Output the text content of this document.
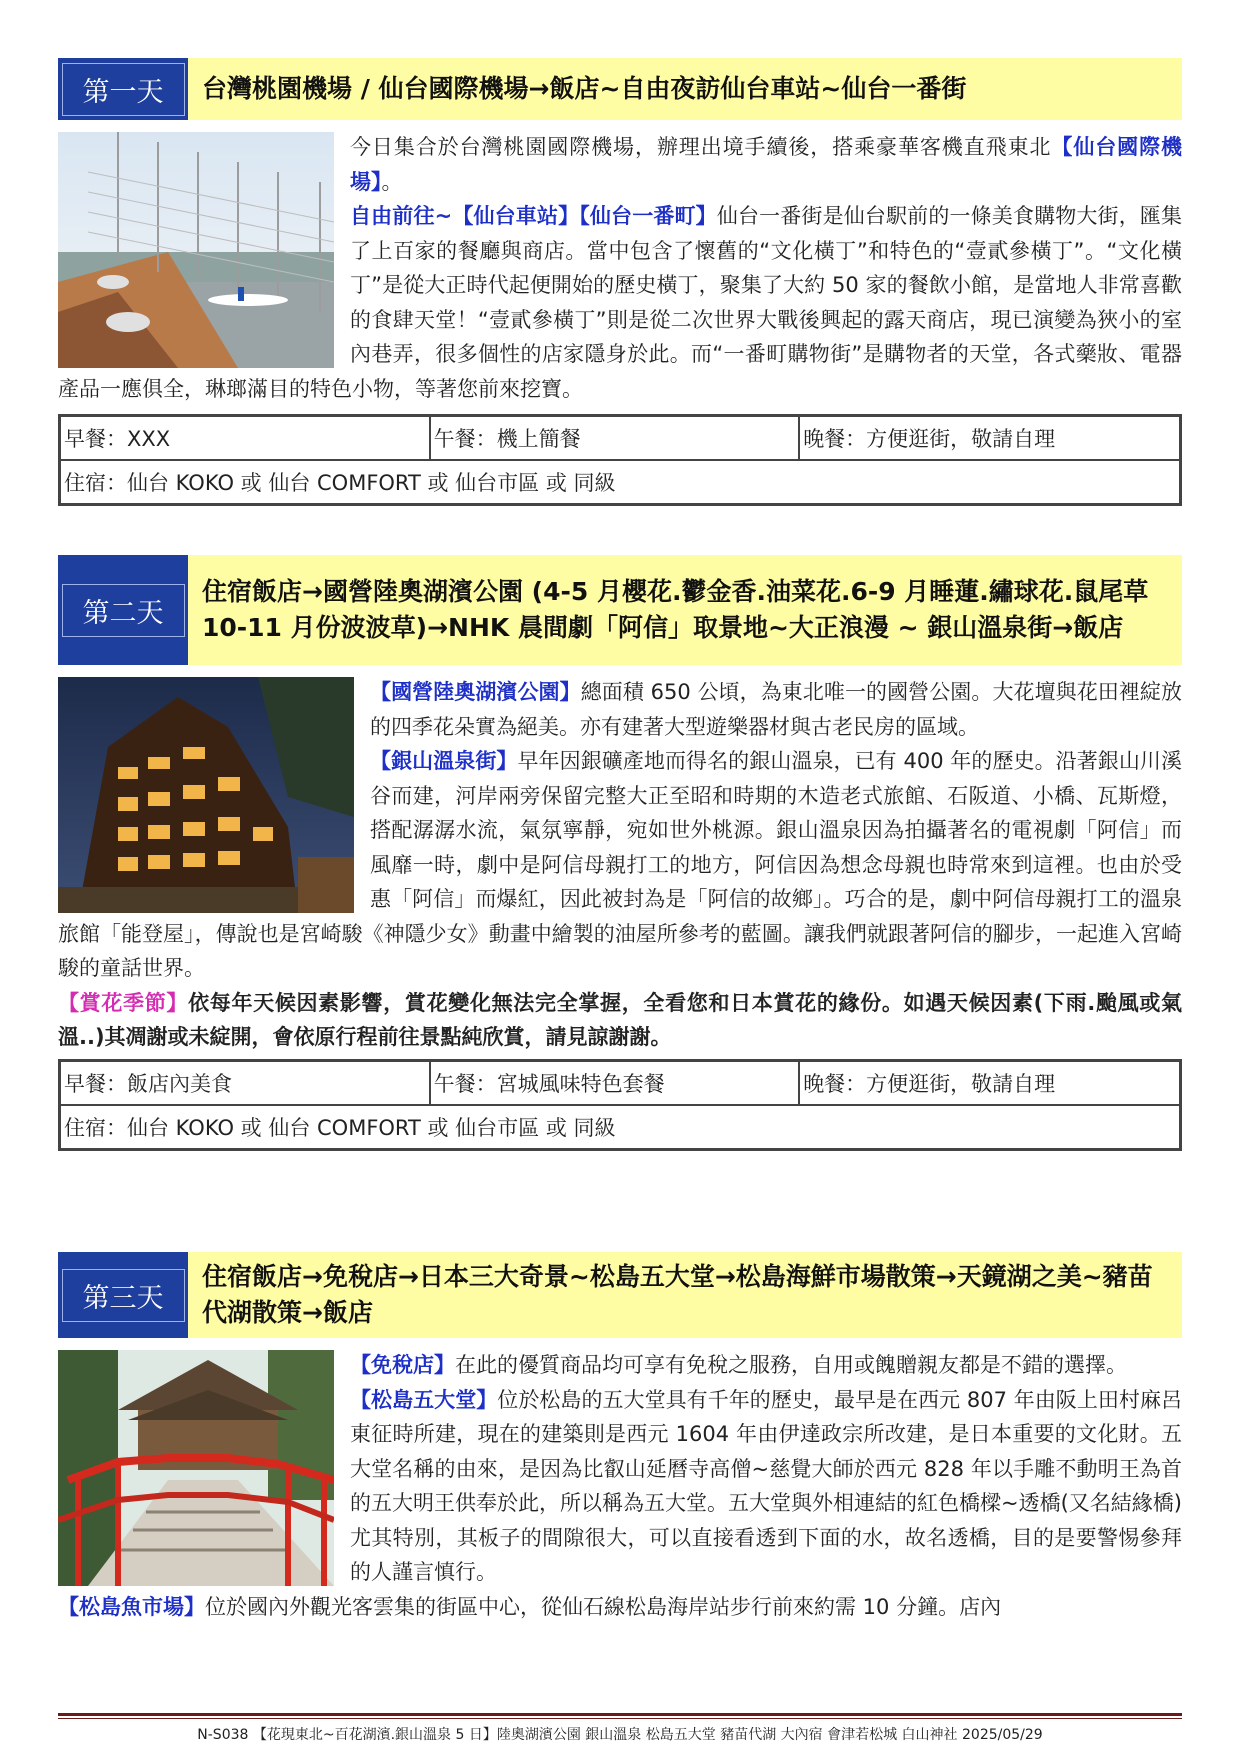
第一天	台灣桃園機場 / 仙台國際機場→飯店~自由夜訪仙台車站~仙台一番街

今日集合於台灣桃園國際機場，辦理出境手續後，搭乘豪華客機直飛東北【仙台國際機場】。

自由前往~【仙台車站】【仙台一番町】仙台一番街是仙台駅前的一條美食購物大街，匯集了上百家的餐廳與商店。當中包含了懷舊的“文化橫丁”和特色的“壹貳參橫丁”。“文化橫丁”是從大正時代起便開始的歷史橫丁，聚集了大約 50 家的餐飲小館，是當地人非常喜歡的食肆天堂！“壹貳參橫丁”則是從二次世界大戰後興起的露天商店，現已演變為狹小的室內巷弄，很多個性的店家隱身於此。而“一番町購物街”是購物者的天堂，各式藥妝、電器產品一應俱全，琳瑯滿目的特色小物，等著您前來挖寶。

早餐：XXX	午餐：機上簡餐	晚餐：方便逛街，敬請自理
住宿：仙台 KOKO 或 仙台 COMFORT 或 仙台市區 或 同級
第二天
住宿飯店→國營陸奧湖濱公園 (4-5 月櫻花.鬱金香.油菜花.6-9 月睡蓮.繡球花.鼠尾草 10-11 月份波波草)→NHK 晨間劇「阿信」取景地~大正浪漫 ~ 銀山溫泉街→飯店

【國營陸奧湖濱公園】總面積 650 公頃，為東北唯一的國營公園。大花壇與花田裡綻放的四季花朵實為絕美。亦有建著大型遊樂器材與古老民房的區域。

【銀山溫泉街】早年因銀礦產地而得名的銀山溫泉，已有 400 年的歷史。沿著銀山川溪谷而建，河岸兩旁保留完整大正至昭和時期的木造老式旅館、石阪道、小橋、瓦斯燈，搭配潺潺水流，氣氛寧靜，宛如世外桃源。銀山溫泉因為拍攝著名的電視劇「阿信」而風靡一時，劇中是阿信母親打工的地方，阿信因為想念母親也時常來到這裡。也由於受惠「阿信」而爆紅，因此被封為是「阿信的故鄉」。巧合的是，劇中阿信母親打工的溫泉旅館「能登屋」，傳說也是宮崎駿《神隱少女》動畫中繪製的油屋所參考的藍圖。讓我們就跟著阿信的腳步，一起進入宮崎駿的童話世界。

【賞花季節】依每年天候因素影響，賞花變化無法完全掌握，全看您和日本賞花的緣份。如遇天候因素(下雨.颱風或氣溫..)其凋謝或未綻開，會依原行程前往景點純欣賞，請見諒謝謝。

早餐：飯店內美食	午餐：宮城風味特色套餐	晚餐：方便逛街，敬請自理
住宿：仙台 KOKO 或 仙台 COMFORT 或 仙台市區 或 同級
第三天
住宿飯店→免稅店→日本三大奇景~松島五大堂→松島海鮮市場散策→天鏡湖之美~豬苗代湖散策→飯店

【免稅店】在此的優質商品均可享有免稅之服務，自用或餽贈親友都是不錯的選擇。

【松島五大堂】位於松島的五大堂具有千年的歷史，最早是在西元 807 年由阪上田村麻呂東征時所建，現在的建築則是西元 1604 年由伊達政宗所改建，是日本重要的文化財。五大堂名稱的由來，是因為比叡山延曆寺高僧~慈覺大師於西元 828 年以手雕不動明王為首的五大明王供奉於此，所以稱為五大堂。五大堂與外相連結的紅色橋樑~透橋(又名結緣橋)尤其特別，其板子的間隙很大，可以直接看透到下面的水，故名透橋，目的是要警惕參拜的人謹言慎行。

【松島魚市場】位於國內外觀光客雲集的街區中心，從仙石線松島海岸站步行前來約需 10 分鐘。店內

N-S038 【花現東北~百花湖濱.銀山溫泉 5 日】陸奧湖濱公園 銀山溫泉 松島五大堂 豬苗代湖 大內宿 會津若松城 白山神社 2025/05/29
